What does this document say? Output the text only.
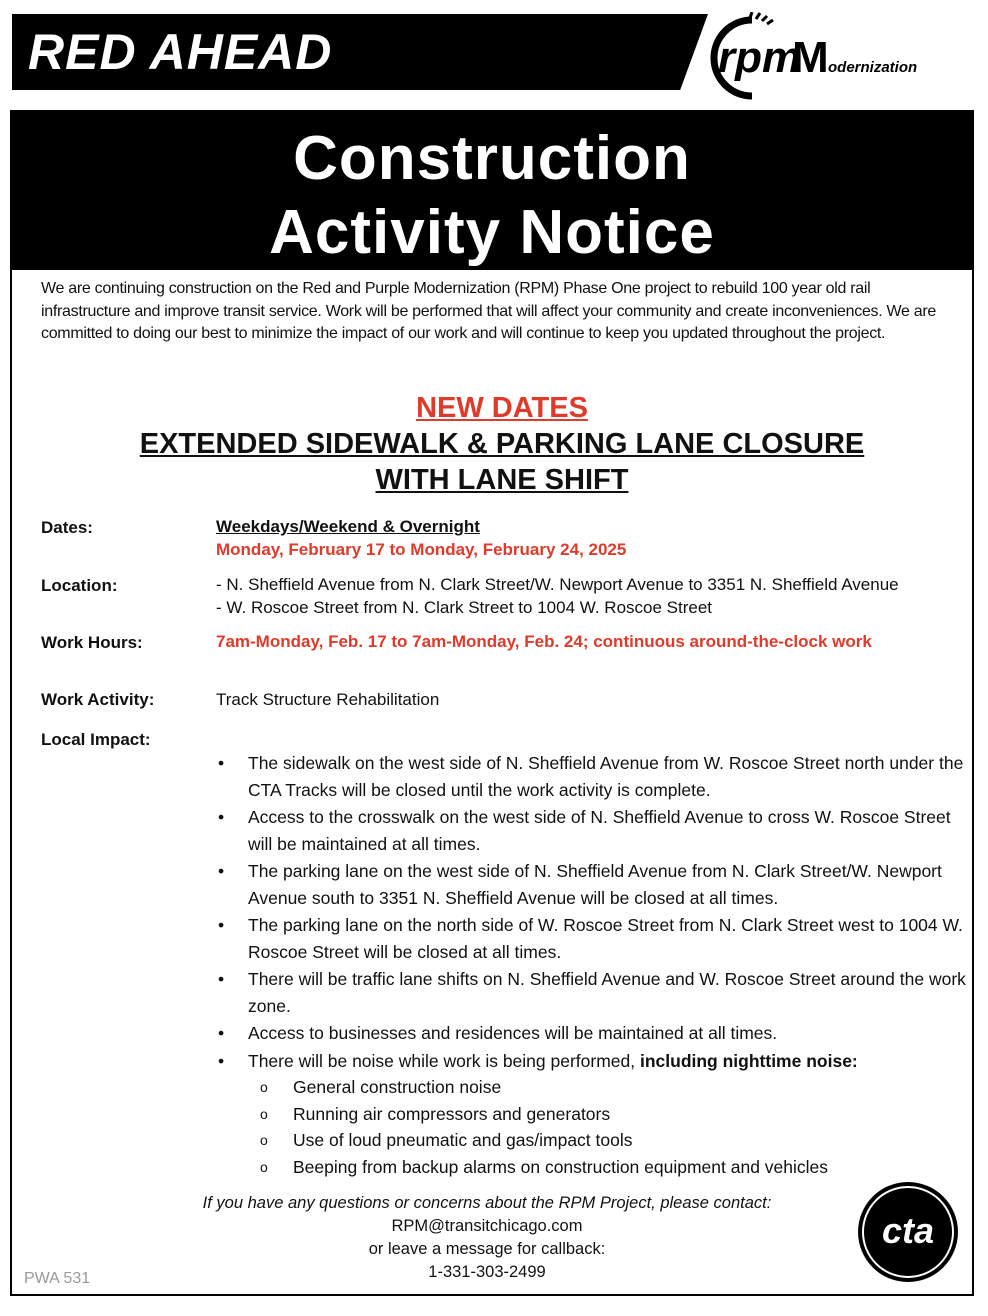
RED AHEAD	rpm
M odernization
Construction
Activity Notice
We are continuing construction on the Red and Purple Modernization (RPM) Phase One project to rebuild 100 year old rail infrastructure and improve transit service. Work will be performed that will affect your community and create inconveniences. We are committed to doing our best to minimize the impact of our work and will continue to keep you updated throughout the project.
NEW DATES
EXTENDED SIDEWALK & PARKING LANE CLOSURE
WITH LANE SHIFT
Dates:	Weekdays/Weekend & Overnight
Monday, February 17 to Monday, February 24, 2025
Location:	- N. Sheffield Avenue from N. Clark Street/W. Newport Avenue to 3351 N. Sheffield Avenue
- W. Roscoe Street from N. Clark Street to 1004 W. Roscoe Street
Work Hours:	7am-Monday, Feb. 17 to 7am-Monday, Feb. 24; continuous around-the-clock work
Work Activity:	Track Structure Rehabilitation
Local Impact:
• The sidewalk on the west side of N. Sheffield Avenue from W. Roscoe Street north under the CTA Tracks will be closed until the work activity is complete.
• Access to the crosswalk on the west side of N. Sheffield Avenue to cross W. Roscoe Street will be maintained at all times.
• The parking lane on the west side of N. Sheffield Avenue from N. Clark Street/W. Newport Avenue south to 3351 N. Sheffield Avenue will be closed at all times.
• The parking lane on the north side of W. Roscoe Street from N. Clark Street west to 1004 W. Roscoe Street will be closed at all times.
• There will be traffic lane shifts on N. Sheffield Avenue and W. Roscoe Street around the work zone.
• Access to businesses and residences will be maintained at all times.
• There will be noise while work is being performed, including nighttime noise:
o General construction noise
o Running air compressors and generators
o Use of loud pneumatic and gas/impact tools
o Beeping from backup alarms on construction equipment and vehicles
If you have any questions or concerns about the RPM Project, please contact:
RPM@transitchicago.com
or leave a message for callback:
1-331-303-2499
PWA 531
cta
